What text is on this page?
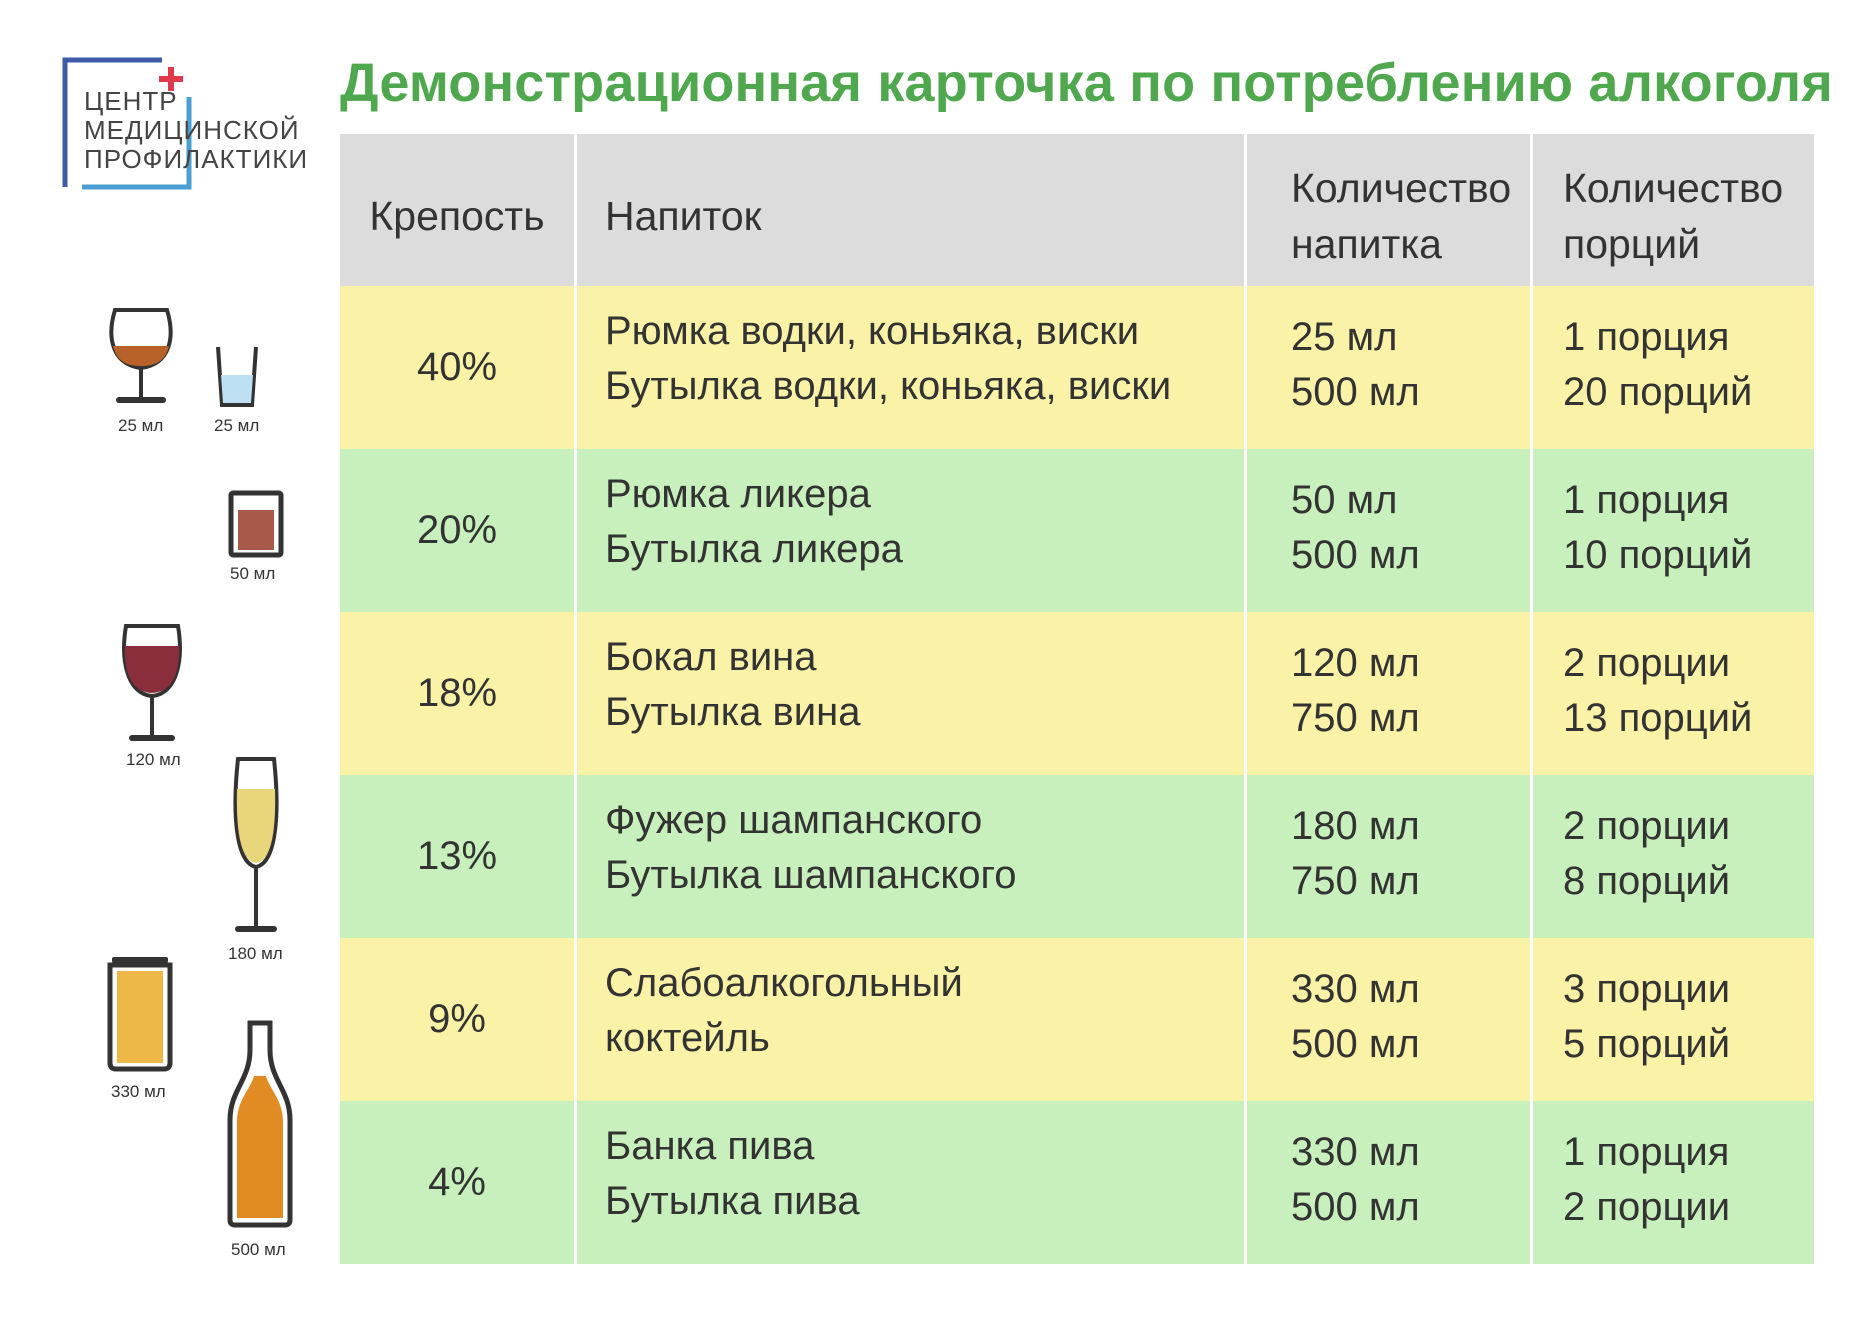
ЦЕНТР
МЕДИЦИНСКОЙ
ПРОФИЛАКТИКИ
Демонстрационная карточка по потреблению алкоголя
Крепость Напиток
Количество
напитка
Количество
порций
40%
Рюмка водки, коньяка, виски
Бутылка водки, коньяка, виски
25 мл
500 мл
1 порция
20 порций
20%
Рюмка ликера
Бутылка ликера
50 мл
500 мл
1 порция
10 порций
18%
Бокал вина
Бутылка вина
120 мл
750 мл
2 порции
13 порций
13%
Фужер шампанского
Бутылка шампанского
180 мл
750 мл
2 порции
8 порций
9%
Слабоалкогольный
коктейль
330 мл
500 мл
3 порции
5 порций
4%
Банка пива
Бутылка пива
330 мл
500 мл
1 порция
2 порции
25 мл	25 мл
50 мл
120 мл
180 мл
330 мл
500 мл
